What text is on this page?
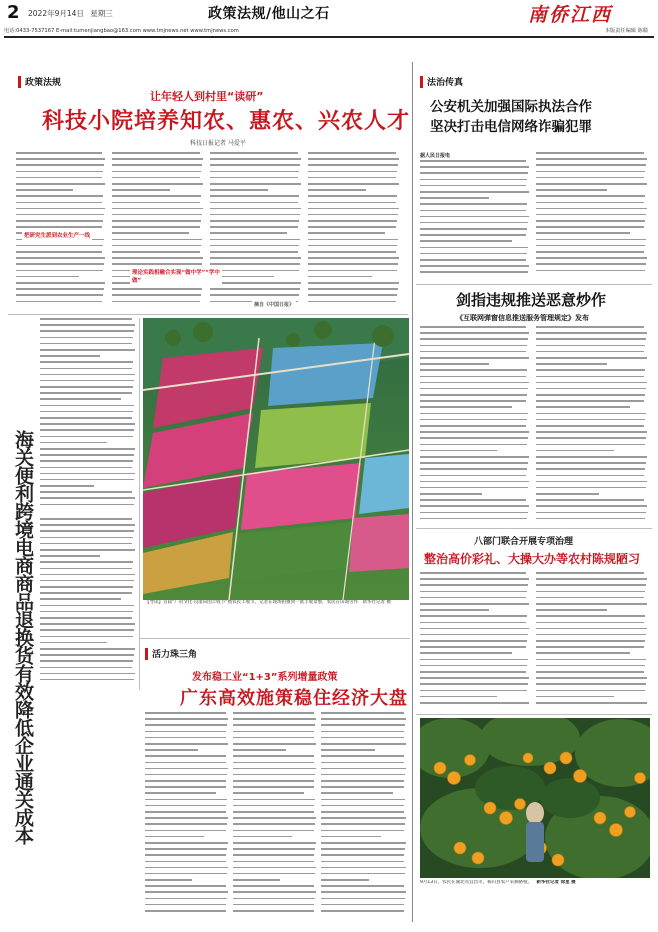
2 2022年9月14日 星期三	政策法规/他山之石	南侨江西
电话:0433-7537167 E-mail:tumenjiangbao@163.com www.tmjnews.net www.tmjnews.com	本版责任编辑 陈赣
政策法规
让年轻人到村里“读研”
科技小院培养知农、惠农、兴农人才
科技日报记者 马爱平
把研究生派到农业生产一线
理论实践相融合实现“做中学”“学中做”
摘自《中国日报》
海关便利跨境电商商品退换货有效降低企业通关成本	【导读】首届“广府文化·良渚田园丰收节”暨农民丰收节，记者在现场拍摄到一派丰收景象，农民在田间劳作 新华社记者 摄
活力珠三角
发布稳工业“1+3”系列增量政策
广东高效施策稳住经济大盘
法治传真
公安机关加强国际执法合作
坚决打击电信网络诈骗犯罪
据人民日报电
剑指违规推送恶意炒作
《互联网弹窗信息推送服务管理规定》发布
八部门联合开展专项治理
整治高价彩礼、大操大办等农村陈规陋习
9月13日，农民在湖北省宜昌市，秭归县农户采摘脐橙。 新华社记者 徐星 摄
